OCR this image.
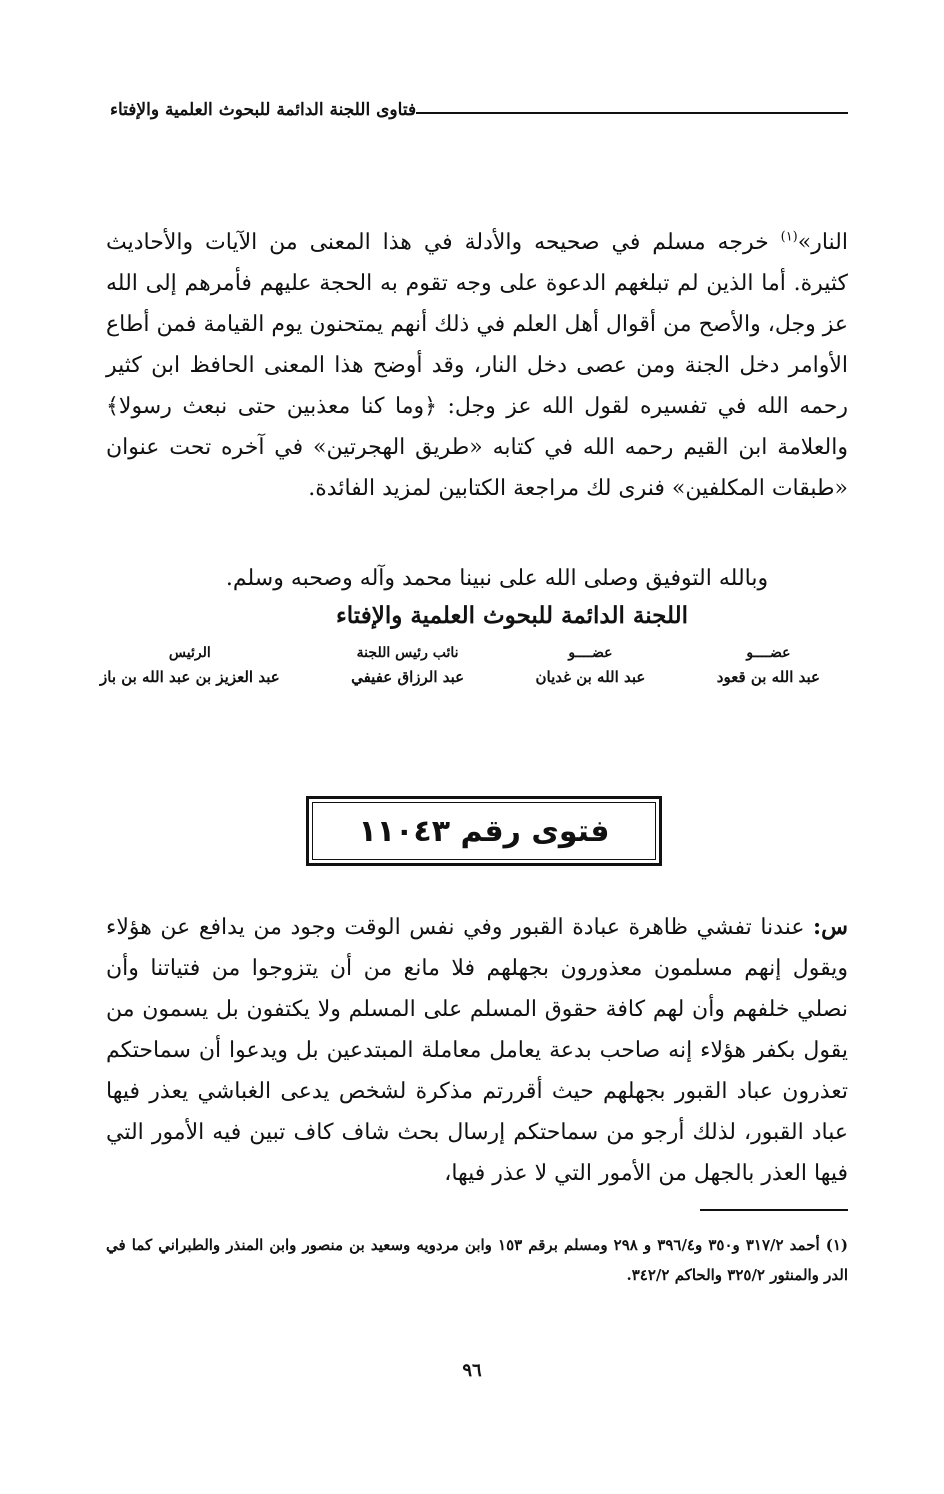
فتاوى اللجنة الدائمة للبحوث العلمية والإفتاء
النار»$^{(١)}$ خرجه مسلم في صحيحه والأدلة في هذا المعنى من الآيات والأحاديث كثيرة. أما الذين لم تبلغهم الدعوة على وجه تقوم به الحجة عليهم فأمرهم إلى الله عز وجل، والأصح من أقوال أهل العلم في ذلك أنهم يمتحنون يوم القيامة فمن أطاع الأوامر دخل الجنة ومن عصى دخل النار، وقد أوضح هذا المعنى الحافظ ابن كثير رحمه الله في تفسيره لقول الله عز وجل: ﴿وما كنا معذبين حتى نبعث رسولا﴾ والعلامة ابن القيم رحمه الله في كتابه «طريق الهجرتين» في آخره تحت عنوان «طبقات المكلفين» فنرى لك مراجعة الكتابين لمزيد الفائدة.
وبالله التوفيق وصلى الله على نبينا محمد وآله وصحبه وسلم.
اللجنة الدائمة للبحوث العلمية والإفتاء
عضــــو
عبد الله بن قعود
عضــــو
عبد الله بن غديان
نائب رئيس اللجنة
عبد الرزاق عفيفي
الرئيس
عبد العزيز بن عبد الله بن باز
فتوى رقم ١١٠٤٣
س: عندنا تفشي ظاهرة عبادة القبور وفي نفس الوقت وجود من يدافع عن هؤلاء ويقول إنهم مسلمون معذورون بجهلهم فلا مانع من أن يتزوجوا من فتياتنا وأن نصلي خلفهم وأن لهم كافة حقوق المسلم على المسلم ولا يكتفون بل يسمون من يقول بكفر هؤلاء إنه صاحب بدعة يعامل معاملة المبتدعين بل ويدعوا أن سماحتكم تعذرون عباد القبور بجهلهم حيث أقررتم مذكرة لشخص يدعى الغباشي يعذر فيها عباد القبور، لذلك أرجو من سماحتكم إرسال بحث شاف كاف تبين فيه الأمور التي فيها العذر بالجهل من الأمور التي لا عذر فيها،
(١) أحمد ٣١٧/٢ و٣٥٠ و٣٩٦/٤ و ٢٩٨ ومسلم برقم ١٥٣ وابن مردويه وسعيد بن منصور وابن المنذر والطبراني كما في الدر والمنثور ٣٢٥/٢ والحاكم ٣٤٢/٢.
٩٦
